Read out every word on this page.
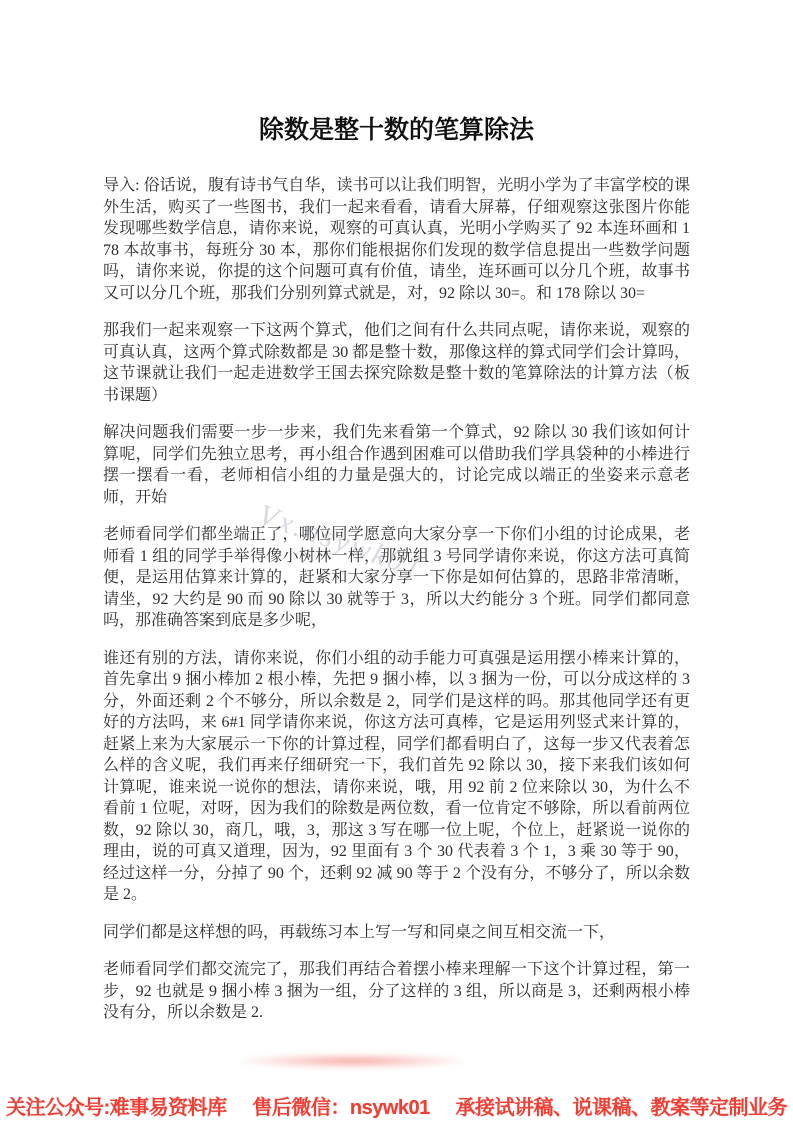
除数是整十数的笔算除法

导入: 俗话说，腹有诗书气自华，读书可以让我们明智，光明小学为了丰富学校的课外生活，购买了一些图书，我们一起来看看，请看大屏幕，仔细观察这张图片你能发现哪些数学信息，请你来说，观察的可真认真，光明小学购买了 92 本连环画和 178 本故事书，每班分 30 本，那你们能根据你们发现的数学信息提出一些数学问题吗，请你来说，你提的这个问题可真有价值，请坐，连环画可以分几个班，故事书又可以分几个班，那我们分别列算式就是，对，92 除以 30=。和 178 除以 30=

那我们一起来观察一下这两个算式，他们之间有什么共同点呢，请你来说，观察的可真认真，这两个算式除数都是 30 都是整十数，那像这样的算式同学们会计算吗，这节课就让我们一起走进数学王国去探究除数是整十数的笔算除法的计算方法（板书课题）

解决问题我们需要一步一步来，我们先来看第一个算式，92 除以 30 我们该如何计算呢，同学们先独立思考，再小组合作遇到困难可以借助我们学具袋种的小棒进行摆一摆看一看，老师相信小组的力量是强大的，讨论完成以端正的坐姿来示意老师，开始

老师看同学们都坐端正了，哪位同学愿意向大家分享一下你们小组的讨论成果，老师看 1 组的同学手举得像小树林一样，那就组 3 号同学请你来说，你这方法可真简便，是运用估算来计算的，赶紧和大家分享一下你是如何估算的，思路非常清晰，请坐，92 大约是 90 而 90 除以 30 就等于 3，所以大约能分 3 个班。同学们都同意吗，那准确答案到底是多少呢，

谁还有别的方法，请你来说，你们小组的动手能力可真强是运用摆小棒来计算的，首先拿出 9 捆小棒加 2 根小棒，先把 9 捆小棒，以 3 捆为一份，可以分成这样的 3 分，外面还剩 2 个不够分，所以余数是 2，同学们是这样的吗。那其他同学还有更好的方法吗，来 6#1 同学请你来说，你这方法可真棒，它是运用列竖式来计算的，赶紧上来为大家展示一下你的计算过程，同学们都看明白了，这每一步又代表着怎么样的含义呢，我们再来仔细研究一下，我们首先 92 除以 30，接下来我们该如何计算呢，谁来说一说你的想法，请你来说，哦，用 92 前 2 位来除以 30，为什么不看前 1 位呢，对呀，因为我们的除数是两位数，看一位肯定不够除，所以看前两位数，92 除以 30，商几，哦，3，那这 3 写在哪一位上呢，个位上，赶紧说一说你的理由，说的可真又道理，因为，92 里面有 3 个 30 代表着 3 个 1，3 乘 30 等于 90，经过这样一分，分掉了 90 个，还剩 92 减 90 等于 2 个没有分，不够分了，所以余数是 2。

同学们都是这样想的吗，再载练习本上写一写和同桌之间互相交流一下，

老师看同学们都交流完了，那我们再结合着摆小棒来理解一下这个计算过程，第一步，92 也就是 9 捆小棒 3 捆为一组，分了这样的 3 组，所以商是 3，还剩两根小棒没有分，所以余数是 2.

Vx.nsywk01
关注公众号:难事易资料库 售后微信：nsywk01 承接试讲稿、说课稿、教案等定制业务
